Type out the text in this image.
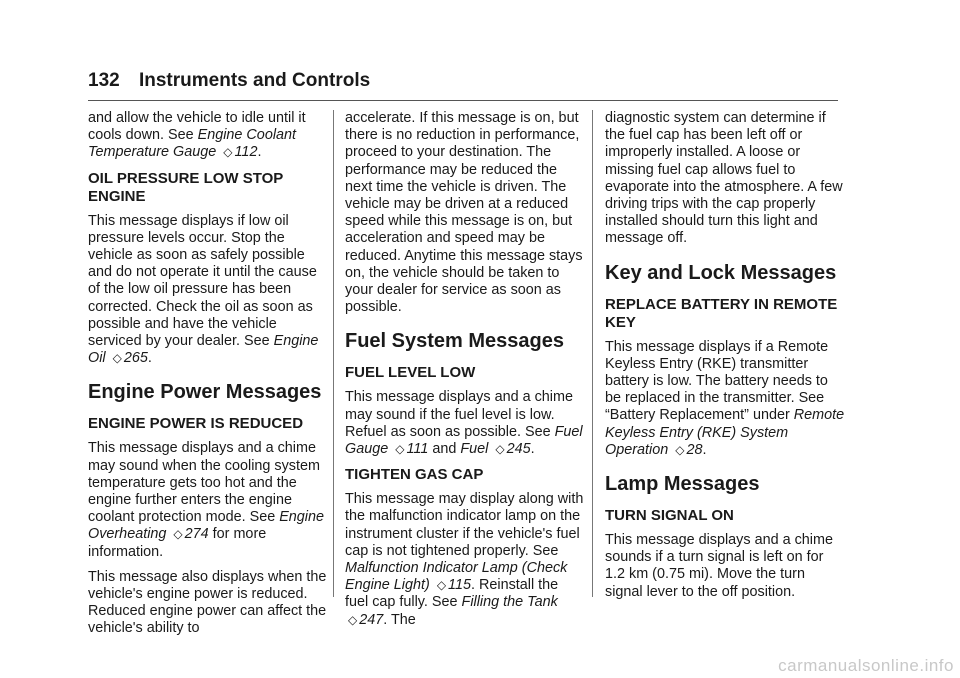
132 Instruments and Controls

and allow the vehicle to idle until it cools down. See Engine Coolant Temperature Gauge ◇ 112.

OIL PRESSURE LOW STOP ENGINE

This message displays if low oil pressure levels occur. Stop the vehicle as soon as safely possible and do not operate it until the cause of the low oil pressure has been corrected. Check the oil as soon as possible and have the vehicle serviced by your dealer. See Engine Oil ◇ 265.

Engine Power Messages
ENGINE POWER IS REDUCED

This message displays and a chime may sound when the cooling system temperature gets too hot and the engine further enters the engine coolant protection mode. See Engine Overheating ◇ 274 for more information.

This message also displays when the vehicle's engine power is reduced. Reduced engine power can affect the vehicle's ability to

accelerate. If this message is on, but there is no reduction in performance, proceed to your destination. The performance may be reduced the next time the vehicle is driven. The vehicle may be driven at a reduced speed while this message is on, but acceleration and speed may be reduced. Anytime this message stays on, the vehicle should be taken to your dealer for service as soon as possible.

Fuel System Messages
FUEL LEVEL LOW

This message displays and a chime may sound if the fuel level is low. Refuel as soon as possible. See Fuel Gauge ◇ 111 and Fuel ◇ 245.

TIGHTEN GAS CAP

This message may display along with the malfunction indicator lamp on the instrument cluster if the vehicle's fuel cap is not tightened properly. See Malfunction Indicator Lamp (Check Engine Light) ◇ 115. Reinstall the fuel cap fully. See Filling the Tank ◇ 247. The

diagnostic system can determine if the fuel cap has been left off or improperly installed. A loose or missing fuel cap allows fuel to evaporate into the atmosphere. A few driving trips with the cap properly installed should turn this light and message off.

Key and Lock Messages
REPLACE BATTERY IN REMOTE KEY

This message displays if a Remote Keyless Entry (RKE) transmitter battery is low. The battery needs to be replaced in the transmitter. See “Battery Replacement” under Remote Keyless Entry (RKE) System Operation ◇ 28.

Lamp Messages
TURN SIGNAL ON

This message displays and a chime sounds if a turn signal is left on for 1.2 km (0.75 mi). Move the turn signal lever to the off position.

carmanualsonline.info
